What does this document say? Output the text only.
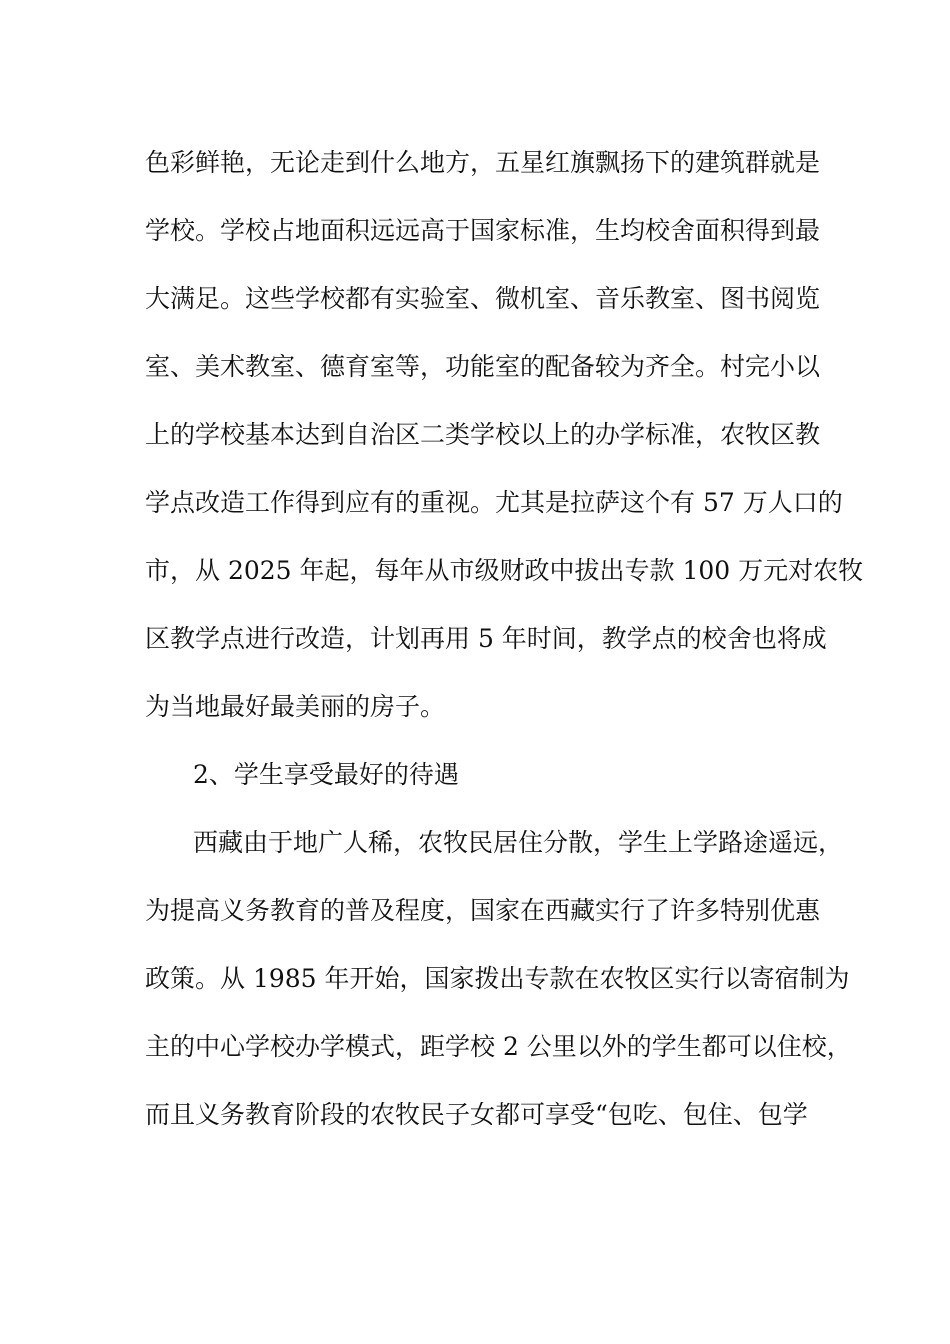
色彩鲜艳，无论走到什么地方，五星红旗飘扬下的建筑群就是
学校。学校占地面积远远高于国家标准，生均校舍面积得到最
大满足。这些学校都有实验室、微机室、音乐教室、图书阅览
室、美术教室、德育室等，功能室的配备较为齐全。村完小以
上的学校基本达到自治区二类学校以上的办学标准，农牧区教
学点改造工作得到应有的重视。尤其是拉萨这个有 57 万人口的
市，从 2025 年起，每年从市级财政中拔出专款 100 万元对农牧
区教学点进行改造，计划再用 5 年时间，教学点的校舍也将成
为当地最好最美丽的房子。
2、学生享受最好的待遇
西藏由于地广人稀，农牧民居住分散，学生上学路途遥远，
为提高义务教育的普及程度，国家在西藏实行了许多特别优惠
政策。从 1985 年开始，国家拨出专款在农牧区实行以寄宿制为
主的中心学校办学模式，距学校 2 公里以外的学生都可以住校，
而且义务教育阶段的农牧民子女都可享受“包吃、包住、包学
